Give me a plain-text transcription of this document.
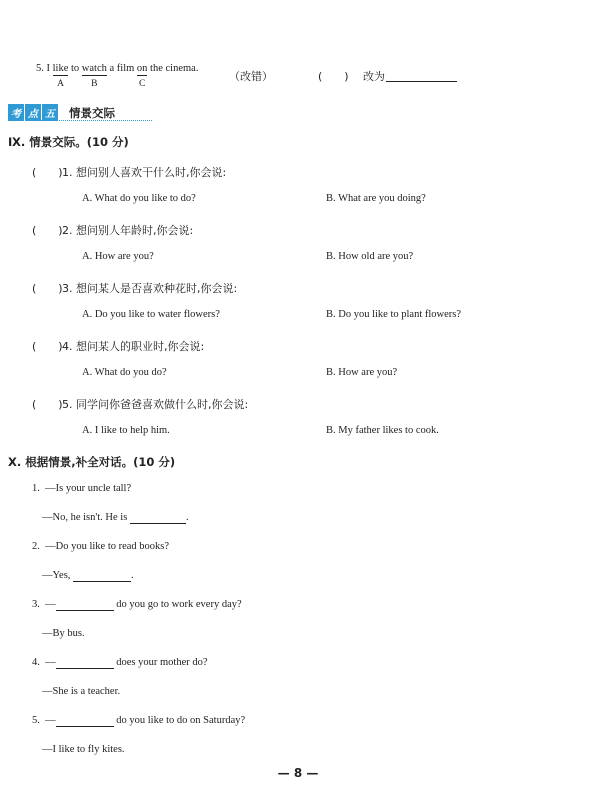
5.
I
like
A

to
watch
B

a film
on
C

the cinema.
（改错）	(　　) 改为
考 点 五 情景交际
Ⅸ. 情景交际。(10 分)
(　　) 1. 想问别人喜欢干什么时,你会说:
A. What do you like to do?	B. What are you doing?
(　　) 2. 想问别人年龄时,你会说:
A. How are you?	B. How old are you?
(　　) 3. 想问某人是否喜欢种花时,你会说:
A. Do you like to water flowers?	B. Do you like to plant flowers?
(　　) 4. 想问某人的职业时,你会说:
A. What do you do?	B. How are you?
(　　) 5. 同学问你爸爸喜欢做什么时,你会说:
A. I like to help him.	B. My father likes to cook.
Ⅹ. 根据情景,补全对话。(10 分)
1. —Is your uncle tall?
—No, he isn't. He is	.
2. —Do you like to read books?
—Yes,	.
3. —	do you go to work every day?
—By bus.
4. —	does your mother do?
—She is a teacher.
5. —	do you like to do on Saturday?
—I like to fly kites.
— 8 —
